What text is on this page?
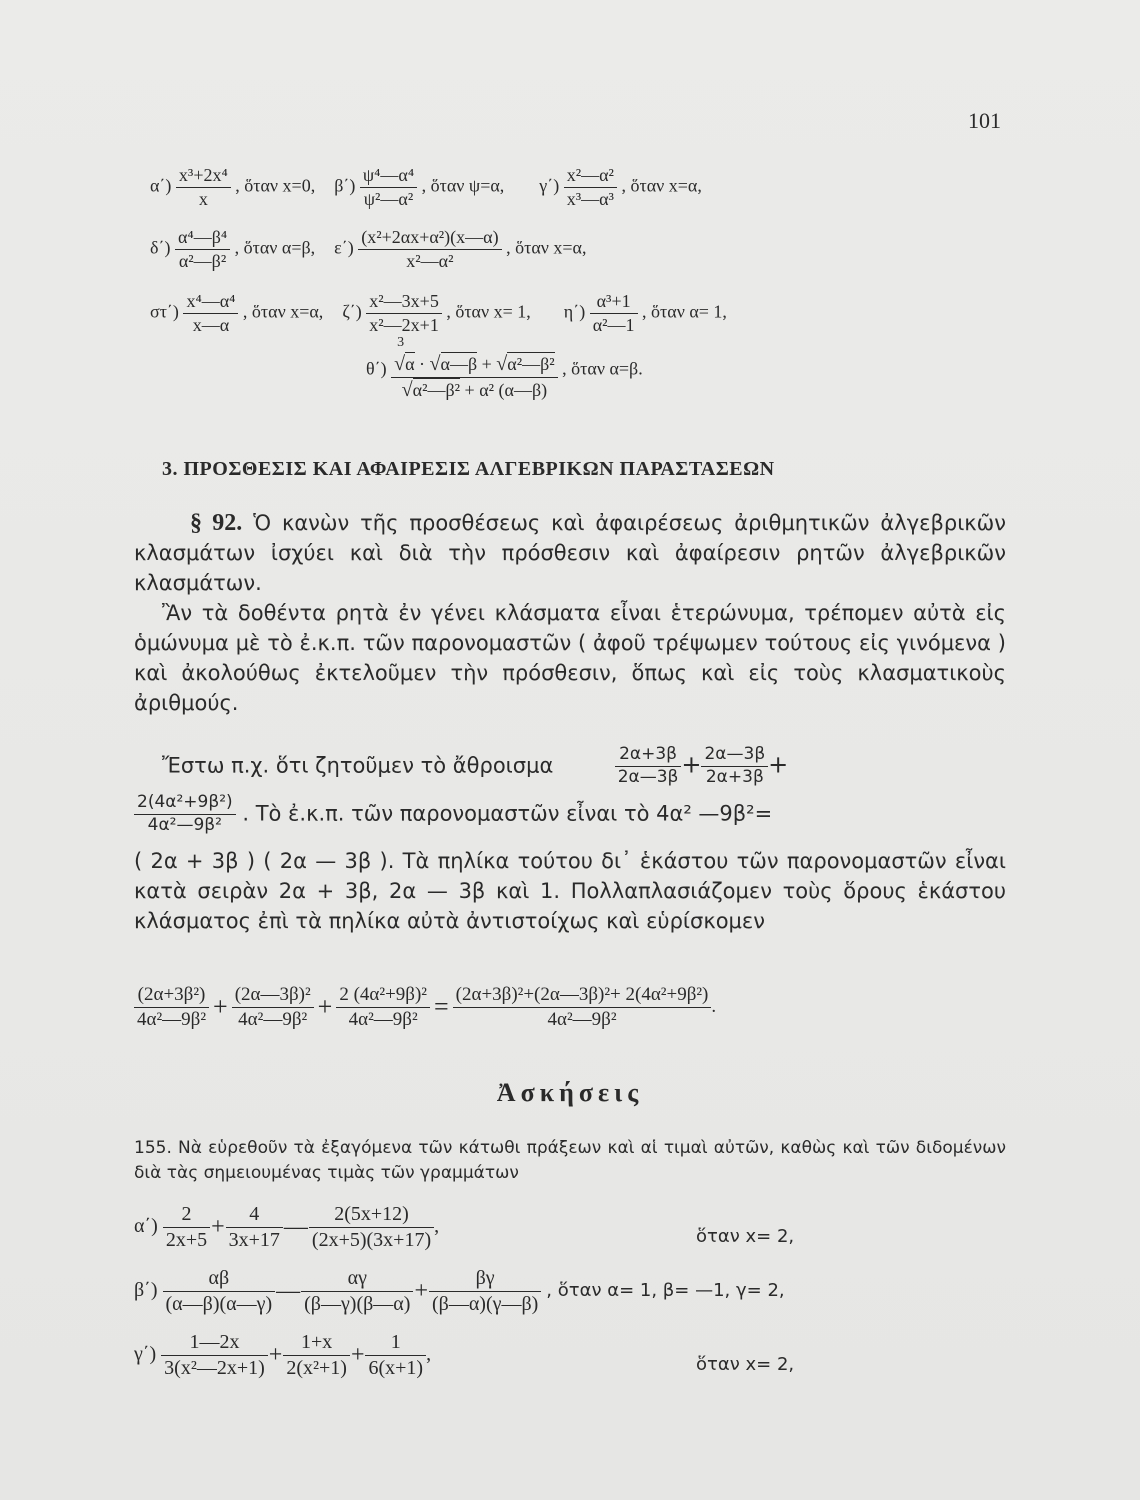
101
$\alpha΄) \frac{\text{x³+2x⁴}}{x}$ , ὅταν x=0, $\beta΄) \frac{\text{ψ⁴—α⁴}}{\text{ψ²—α²}}$ , ὅταν ψ=α, $\gamma΄) \frac{\text{x²—α²}}{\text{x³—α³}}$ , ὅταν x=α,
$\delta΄) \frac{\text{α⁴—β⁴}}{\text{α²—β²}}$ , ὅταν α=β, $\varepsilon΄) \frac{\text{(x²+2αx+α²)(x—α)}}{\text{x²—α²}}$ , ὅταν x=α,
$\sigma\tau΄) \frac{\text{x⁴—α⁴}}{x—\alpha}$ , ὅταν x=α, $\zeta΄) \frac{\text{x²—3x+5}}{\text{x²—2x+1}}$ , ὅταν x= 1, $\eta΄) \frac{\text{α³+1}}{\text{α²—1}}$ , ὅταν α= 1,
θ΄) 3
√α · √α—β + √α²—β²
√α²—β² + α² (α—β) , ὅταν α=β.
3. ΠΡΟΣΘΕΣΙΣ ΚΑΙ ΑΦΑΙΡΕΣΙΣ ΑΛΓΕΒΡΙΚΩΝ ΠΑΡΑΣΤΑΣΕΩΝ
§ 92. Ὁ κανὼν τῆς προσθέσεως καὶ ἀφαιρέσεως ἀριθμητικῶν ἀλγεβρικῶν κλασμάτων ἰσχύει καὶ διὰ τὴν πρόσθεσιν καὶ ἀφαίρεσιν ρητῶν ἀλγεβρικῶν κλασμάτων.
Ἂν τὰ δοθέντα ρητὰ ἐν γένει κλάσματα εἶναι ἑτερώνυμα, τρέπομεν αὐτὰ εἰς ὁμώνυμα μὲ τὸ ἐ.κ.π. τῶν παρονομαστῶν ( ἀφοῦ τρέψωμεν τούτους εἰς γινόμενα ) καὶ ἀκολούθως ἐκτελοῦμεν τὴν πρόσθεσιν, ὅπως καὶ εἰς τοὺς κλασματικοὺς ἀριθμούς.
Ἔστω π.χ. ὅτι ζητοῦμεν τὸ ἄθροισμα	$\frac{2\alpha+3\beta}{2\alpha—3\beta} + \frac{2\alpha—3\beta}{2\alpha+3\beta}$ +
$\frac{\text{2(4α²+9β²)}}{\text{4α²—9β²}}$ . Τὸ ἐ.κ.π. τῶν παρονομαστῶν εἶναι τὸ 4α² —9β²=
( 2α + 3β ) ( 2α — 3β ). Τὰ πηλίκα τούτου δι᾽ ἑκάστου τῶν παρονομαστῶν εἶναι κατὰ σειρὰν 2α + 3β, 2α — 3β καὶ 1. Πολλαπλασιάζομεν τοὺς ὅρους ἑκάστου κλάσματος ἐπὶ τὰ πηλίκα αὐτὰ ἀντιστοίχως καὶ εὑρίσκομεν
$\frac{\text{(2α+3β²)}}{\text{4α²—9β²}} + \frac{\text{(2α—3β)²}}{\text{4α²—9β²}} + \frac{\text{2 (4α²+9β)²}}{\text{4α²—9β²}} = \frac{\text{(2α+3β)²+(2α—3β)²+ 2(4α²+9β²)}}{\text{4α²—9β²}}$ .
Ἀσκήσεις
155. Νὰ εὑρεθοῦν τὰ ἐξαγόμενα τῶν κάτωθι πράξεων καὶ αἱ τιμαὶ αὐτῶν, καθὼς καὶ τῶν διδομένων διὰ τὰς σημειουμένας τιμὰς τῶν γραμμάτων
$\alpha΄) \frac{2}{2x+5} + \frac{4}{3x+17}$ — $\frac{2(5x+12)}{(2x+5)(3x+17)}$ ,	ὅταν x= 2,
$\beta΄) \frac{\alpha\beta}{(\alpha—\beta)(\alpha—\gamma)}$ — $\frac{\alpha\gamma}{(\beta—\gamma)(\beta—\alpha)} + \frac{\beta\gamma}{(\beta—\alpha)(\gamma—\beta)}$ , ὅταν α= 1, β= —1, γ= 2,
$\gamma΄) \frac{1—2x}{\text{3(x²—2x+1)}} + \frac{1+x}{\text{2(x²+1)}} + \frac{1}{6(x+1)}$ ,	ὅταν x= 2,
